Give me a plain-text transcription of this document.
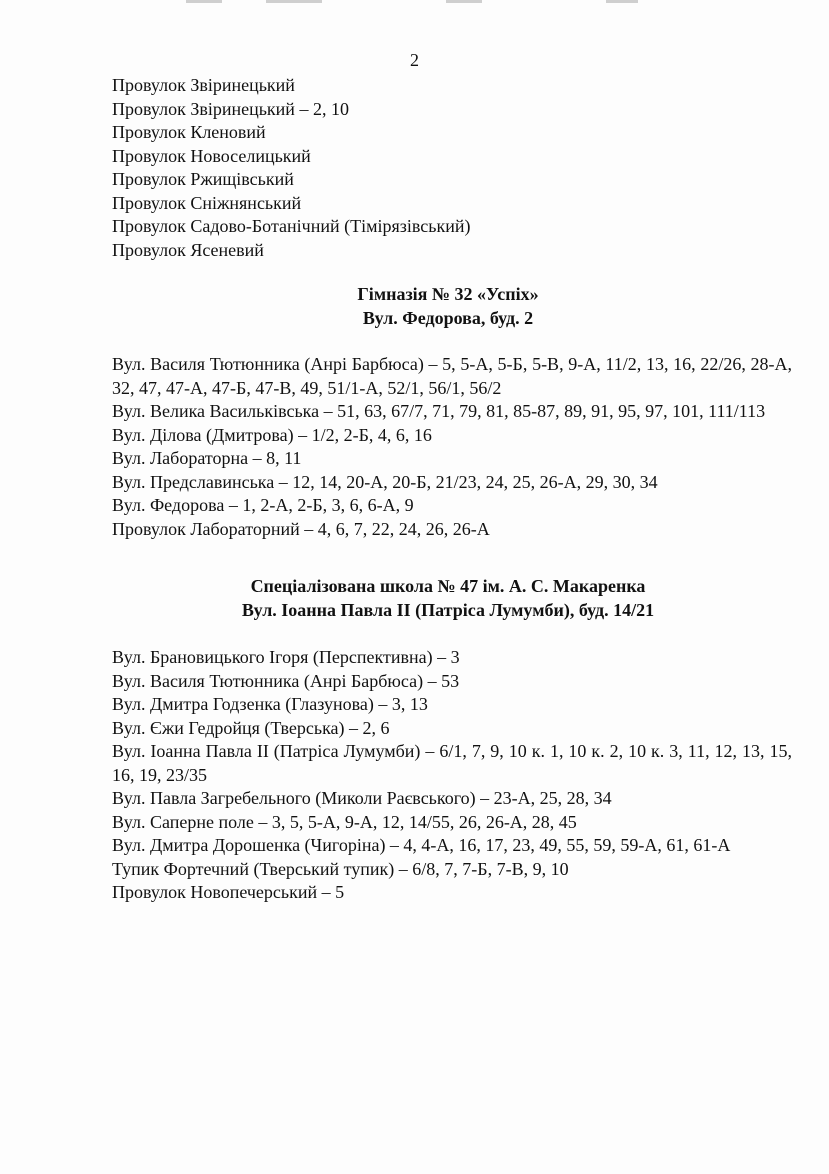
2
Провулок Звіринецький
Провулок Звіринецький – 2, 10
Провулок Кленовий
Провулок Новоселицький
Провулок Ржищівський
Провулок Сніжнянський
Провулок Садово-Ботанічний (Тімірязівський)
Провулок Ясеневий
Гімназія № 32 «Успіх»
Вул. Федорова, буд. 2
Вул. Василя Тютюнника (Анрі Барбюса) – 5, 5-А, 5-Б, 5-В, 9-А, 11/2, 13, 16, 22/26, 28-А, 32, 47, 47-А, 47-Б, 47-В, 49, 51/1-А, 52/1, 56/1, 56/2
Вул. Велика Васильківська – 51, 63, 67/7, 71, 79, 81, 85-87, 89, 91, 95, 97, 101, 111/113
Вул. Ділова (Дмитрова) – 1/2, 2-Б, 4, 6, 16
Вул. Лабораторна – 8, 11
Вул. Предславинська – 12, 14, 20-А, 20-Б, 21/23, 24, 25, 26-А, 29, 30, 34
Вул. Федорова – 1, 2-А, 2-Б, 3, 6, 6-А, 9
Провулок Лабораторний – 4, 6, 7, 22, 24, 26, 26-А
Спеціалізована школа № 47 ім. А. С. Макаренка
Вул. Іоанна Павла ІІ (Патріса Лумумби), буд. 14/21
Вул. Брановицького Ігоря (Перспективна) – 3
Вул. Василя Тютюнника (Анрі Барбюса) – 53
Вул. Дмитра Годзенка (Глазунова) – 3, 13
Вул. Єжи Гедройця (Тверська) – 2, 6
Вул. Іоанна Павла ІІ (Патріса Лумумби) – 6/1, 7, 9, 10 к. 1, 10 к. 2, 10 к. 3, 11, 12, 13, 15, 16, 19, 23/35
Вул. Павла Загребельного (Миколи Раєвського) – 23-А, 25, 28, 34
Вул. Саперне поле – 3, 5, 5-А, 9-А, 12, 14/55, 26, 26-А, 28, 45
Вул. Дмитра Дорошенка (Чигоріна) – 4, 4-А, 16, 17, 23, 49, 55, 59, 59-А, 61, 61-А
Тупик Фортечний (Тверський тупик) – 6/8, 7, 7-Б, 7-В, 9, 10
Провулок Новопечерський – 5
